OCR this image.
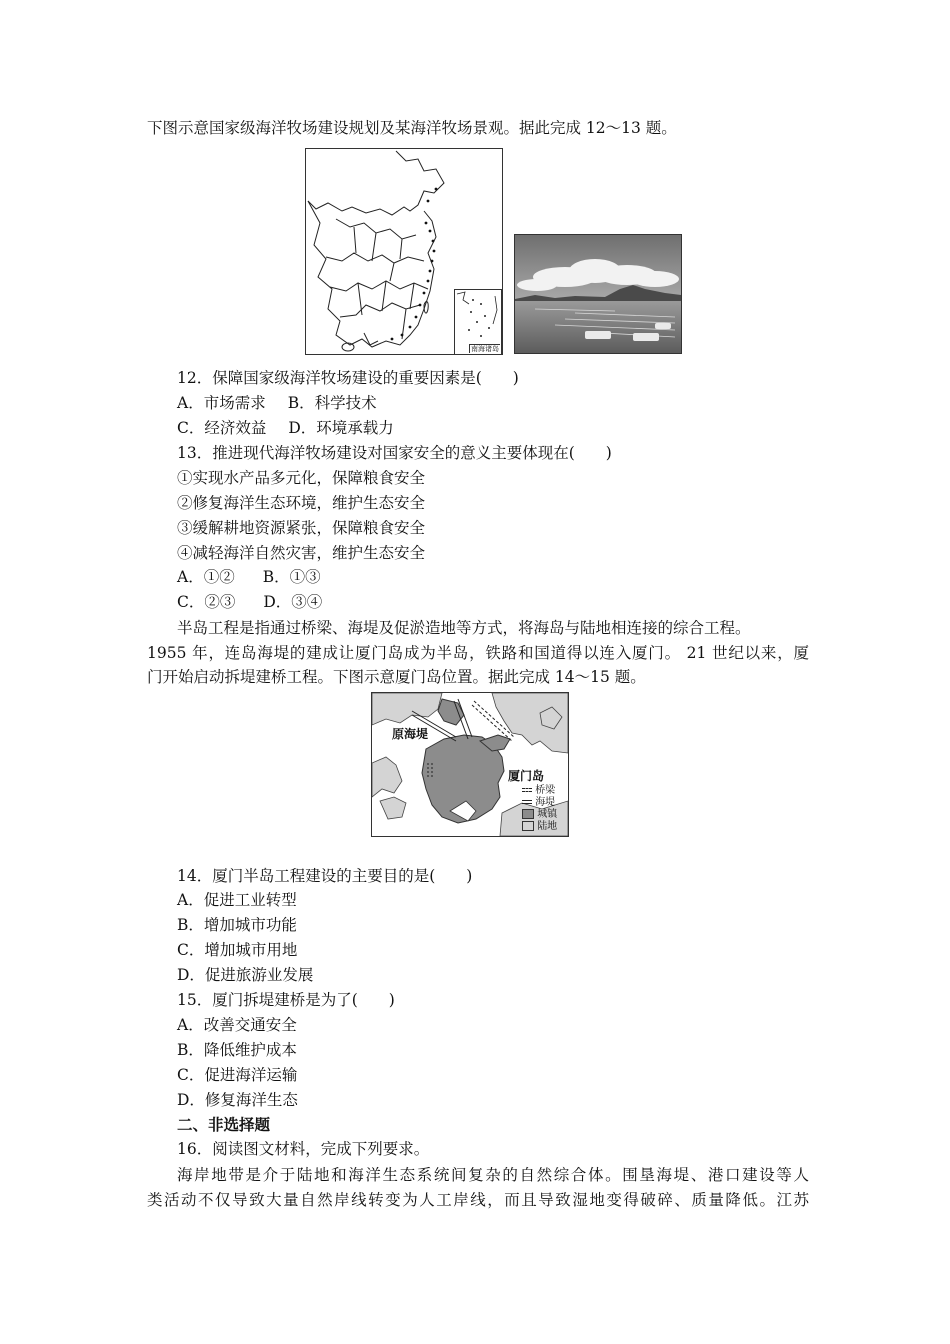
下图示意国家级海洋牧场建设规划及某海洋牧场景观。据此完成 12～13 题。
南海诸岛
12．保障国家级海洋牧场建设的重要因素是(　　)
A．市场需求 B．科学技术
C．经济效益 D．环境承载力
13．推进现代海洋牧场建设对国家安全的意义主要体现在(　　)
①实现水产品多元化，保障粮食安全
②修复海洋生态环境，维护生态安全
③缓解耕地资源紧张，保障粮食安全
④减轻海洋自然灾害，维护生态安全
A．①② B．①③
C．②③ D．③④
半岛工程是指通过桥梁、海堤及促淤造地等方式，将海岛与陆地相连接的综合工程。
1955 年，连岛海堤的建成让厦门岛成为半岛，铁路和国道得以连入厦门。 21 世纪以来，厦
门开始启动拆堤建桥工程。下图示意厦门岛位置。据此完成 14～15 题。
原海堤
厦门岛
桥梁
海堤
城镇
陆地
14．厦门半岛工程建设的主要目的是(　　)
A．促进工业转型
B．增加城市功能
C．增加城市用地
D．促进旅游业发展
15．厦门拆堤建桥是为了(　　)
A．改善交通安全
B．降低维护成本
C．促进海洋运输
D．修复海洋生态
二、非选择题
16．阅读图文材料，完成下列要求。
海岸地带是介于陆地和海洋生态系统间复杂的自然综合体。围垦海堤、港口建设等人
类活动不仅导致大量自然岸线转变为人工岸线，而且导致湿地变得破碎、质量降低。江苏
